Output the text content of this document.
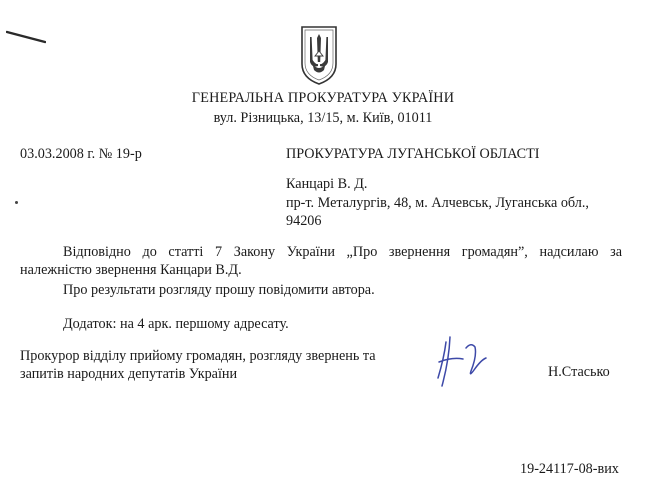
ГЕНЕРАЛЬНА ПРОКУРАТУРА УКРАЇНИ
вул. Різницька, 13/15, м. Київ, 01011
03.03.2008 г. № 19-р	ПРОКУРАТУРА ЛУГАНСЬКОЇ ОБЛАСТІ
Канцарі В. Д.
пр-т. Металургів, 48, м. Алчевськ, Луганська обл.,
94206
Відповідно до статті 7 Закону України „Про звернення громадян”, надсилаю за
належністю звернення Канцари В.Д.
Про результати розгляду прошу повідомити автора.
Додаток: на 4 арк. першому адресату.
Прокурор відділу прийому громадян, розгляду звернень та
запитів народних депутатів України	Н.Стасько
19-24117-08-вих
